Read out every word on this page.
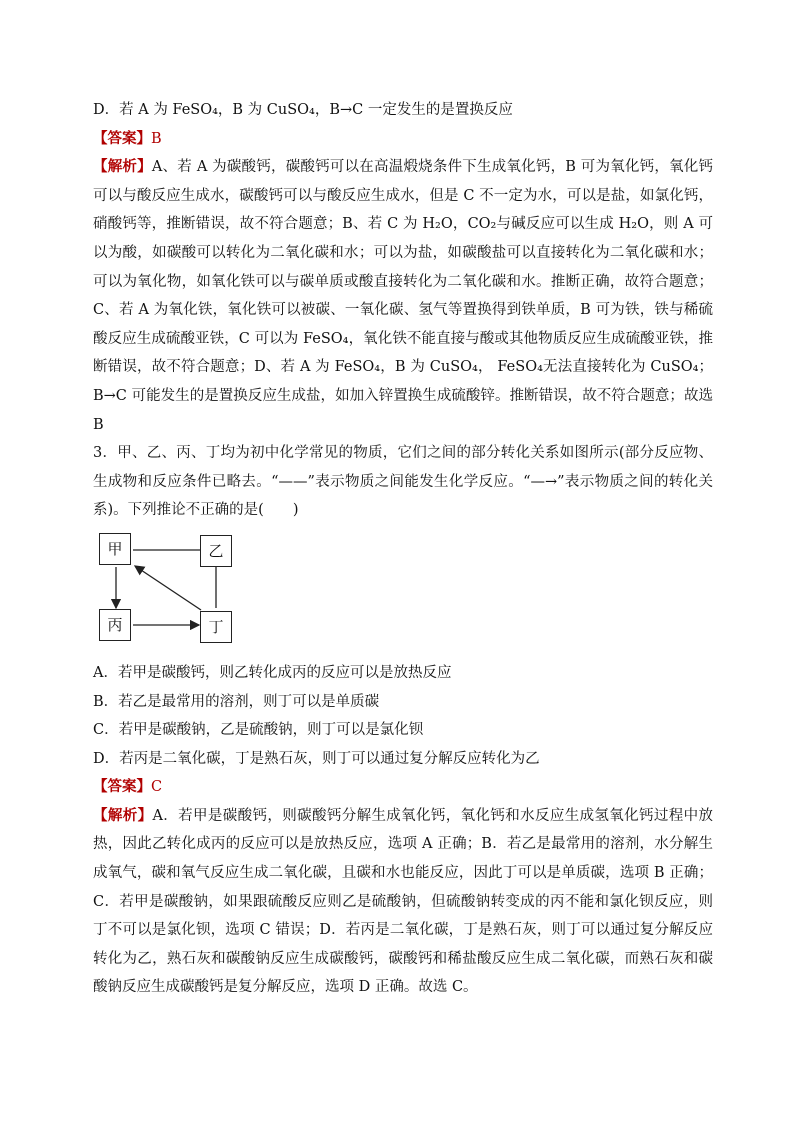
D．若 A 为 FeSO₄，B 为 CuSO₄，B→C 一定发生的是置换反应
【答案】B

【解析】A、若 A 为碳酸钙，碳酸钙可以在高温煅烧条件下生成氧化钙，B 可为氧化钙，氧化钙可以与酸反应生成水，碳酸钙可以与酸反应生成水，但是 C 不一定为水，可以是盐，如氯化钙，硝酸钙等，推断错误，故不符合题意；B、若 C 为 H₂O，CO₂与碱反应可以生成 H₂O，则 A 可以为酸，如碳酸可以转化为二氧化碳和水；可以为盐，如碳酸盐可以直接转化为二氧化碳和水；可以为氧化物，如氧化铁可以与碳单质或酸直接转化为二氧化碳和水。推断正确，故符合题意；C、若 A 为氧化铁，氧化铁可以被碳、一氧化碳、氢气等置换得到铁单质，B 可为铁，铁与稀硫酸反应生成硫酸亚铁，C 可以为 FeSO₄，氧化铁不能直接与酸或其他物质反应生成硫酸亚铁，推断错误，故不符合题意；D、若 A 为 FeSO₄，B 为 CuSO₄， FeSO₄无法直接转化为 CuSO₄；B→C 可能发生的是置换反应生成盐，如加入锌置换生成硫酸锌。推断错误，故不符合题意；故选 B

3．甲、乙、丙、丁均为初中化学常见的物质，它们之间的部分转化关系如图所示(部分反应物、生成物和反应条件已略去。“——”表示物质之间能发生化学反应。“—→”表示物质之间的转化关系)。下列推论不正确的是(　　)

甲	乙
丙	丁
A．若甲是碳酸钙，则乙转化成丙的反应可以是放热反应
B．若乙是最常用的溶剂，则丁可以是单质碳
C．若甲是碳酸钠，乙是硫酸钠，则丁可以是氯化钡
D．若丙是二氧化碳，丁是熟石灰，则丁可以通过复分解反应转化为乙
【答案】C

【解析】A．若甲是碳酸钙，则碳酸钙分解生成氧化钙，氧化钙和水反应生成氢氧化钙过程中放热，因此乙转化成丙的反应可以是放热反应，选项 A 正确；B．若乙是最常用的溶剂，水分解生成氧气，碳和氧气反应生成二氧化碳，且碳和水也能反应，因此丁可以是单质碳，选项 B 正确；C．若甲是碳酸钠，如果跟硫酸反应则乙是硫酸钠，但硫酸钠转变成的丙不能和氯化钡反应，则丁不可以是氯化钡，选项 C 错误；D．若丙是二氧化碳，丁是熟石灰，则丁可以通过复分解反应转化为乙，熟石灰和碳酸钠反应生成碳酸钙，碳酸钙和稀盐酸反应生成二氧化碳，而熟石灰和碳酸钠反应生成碳酸钙是复分解反应，选项 D 正确。故选 C。
